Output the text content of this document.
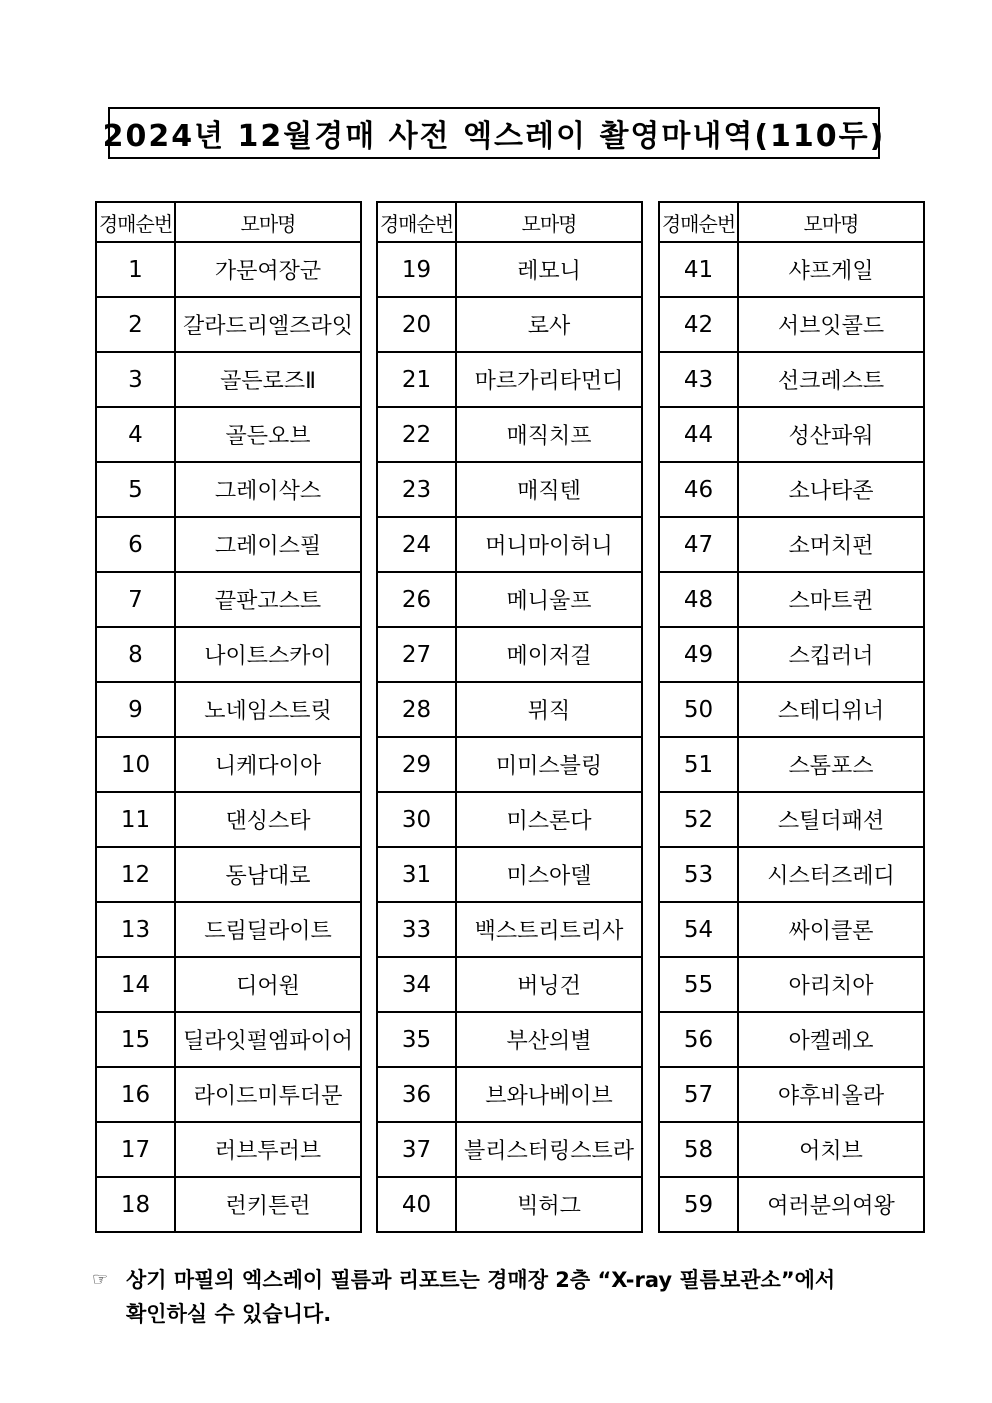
2024년 12월경매 사전 엑스레이 촬영마내역(110두)
경매순번	모마명
1	가문여장군
2	갈라드리엘즈라잇
3	골든로즈Ⅱ
4	골든오브
5	그레이삭스
6	그레이스필
7	끝판고스트
8	나이트스카이
9	노네임스트릿
10	니케다이아
11	댄싱스타
12	동남대로
13	드림딜라이트
14	디어원
15	딜라잇펄엠파이어
16	라이드미투더문
17	러브투러브
18	런키튼런
경매순번	모마명
19	레모니
20	로사
21	마르가리타먼디
22	매직치프
23	매직텐
24	머니마이허니
26	메니울프
27	메이저걸
28	뮈직
29	미미스블링
30	미스론다
31	미스아델
33	백스트리트리사
34	버닝건
35	부산의별
36	브와나베이브
37	블리스터링스트라
40	빅허그
경매순번	모마명
41	샤프게일
42	서브잇콜드
43	선크레스트
44	성산파워
46	소나타존
47	소머치펀
48	스마트퀸
49	스킵러너
50	스테디위너
51	스톰포스
52	스틸더패션
53	시스터즈레디
54	싸이클론
55	아리치아
56	아켈레오
57	야후비올라
58	어치브
59	여러분의여왕
☞ 상기 마필의 엑스레이 필름과 리포트는 경매장 2층 “X-ray 필름보관소”에서
확인하실 수 있습니다.
